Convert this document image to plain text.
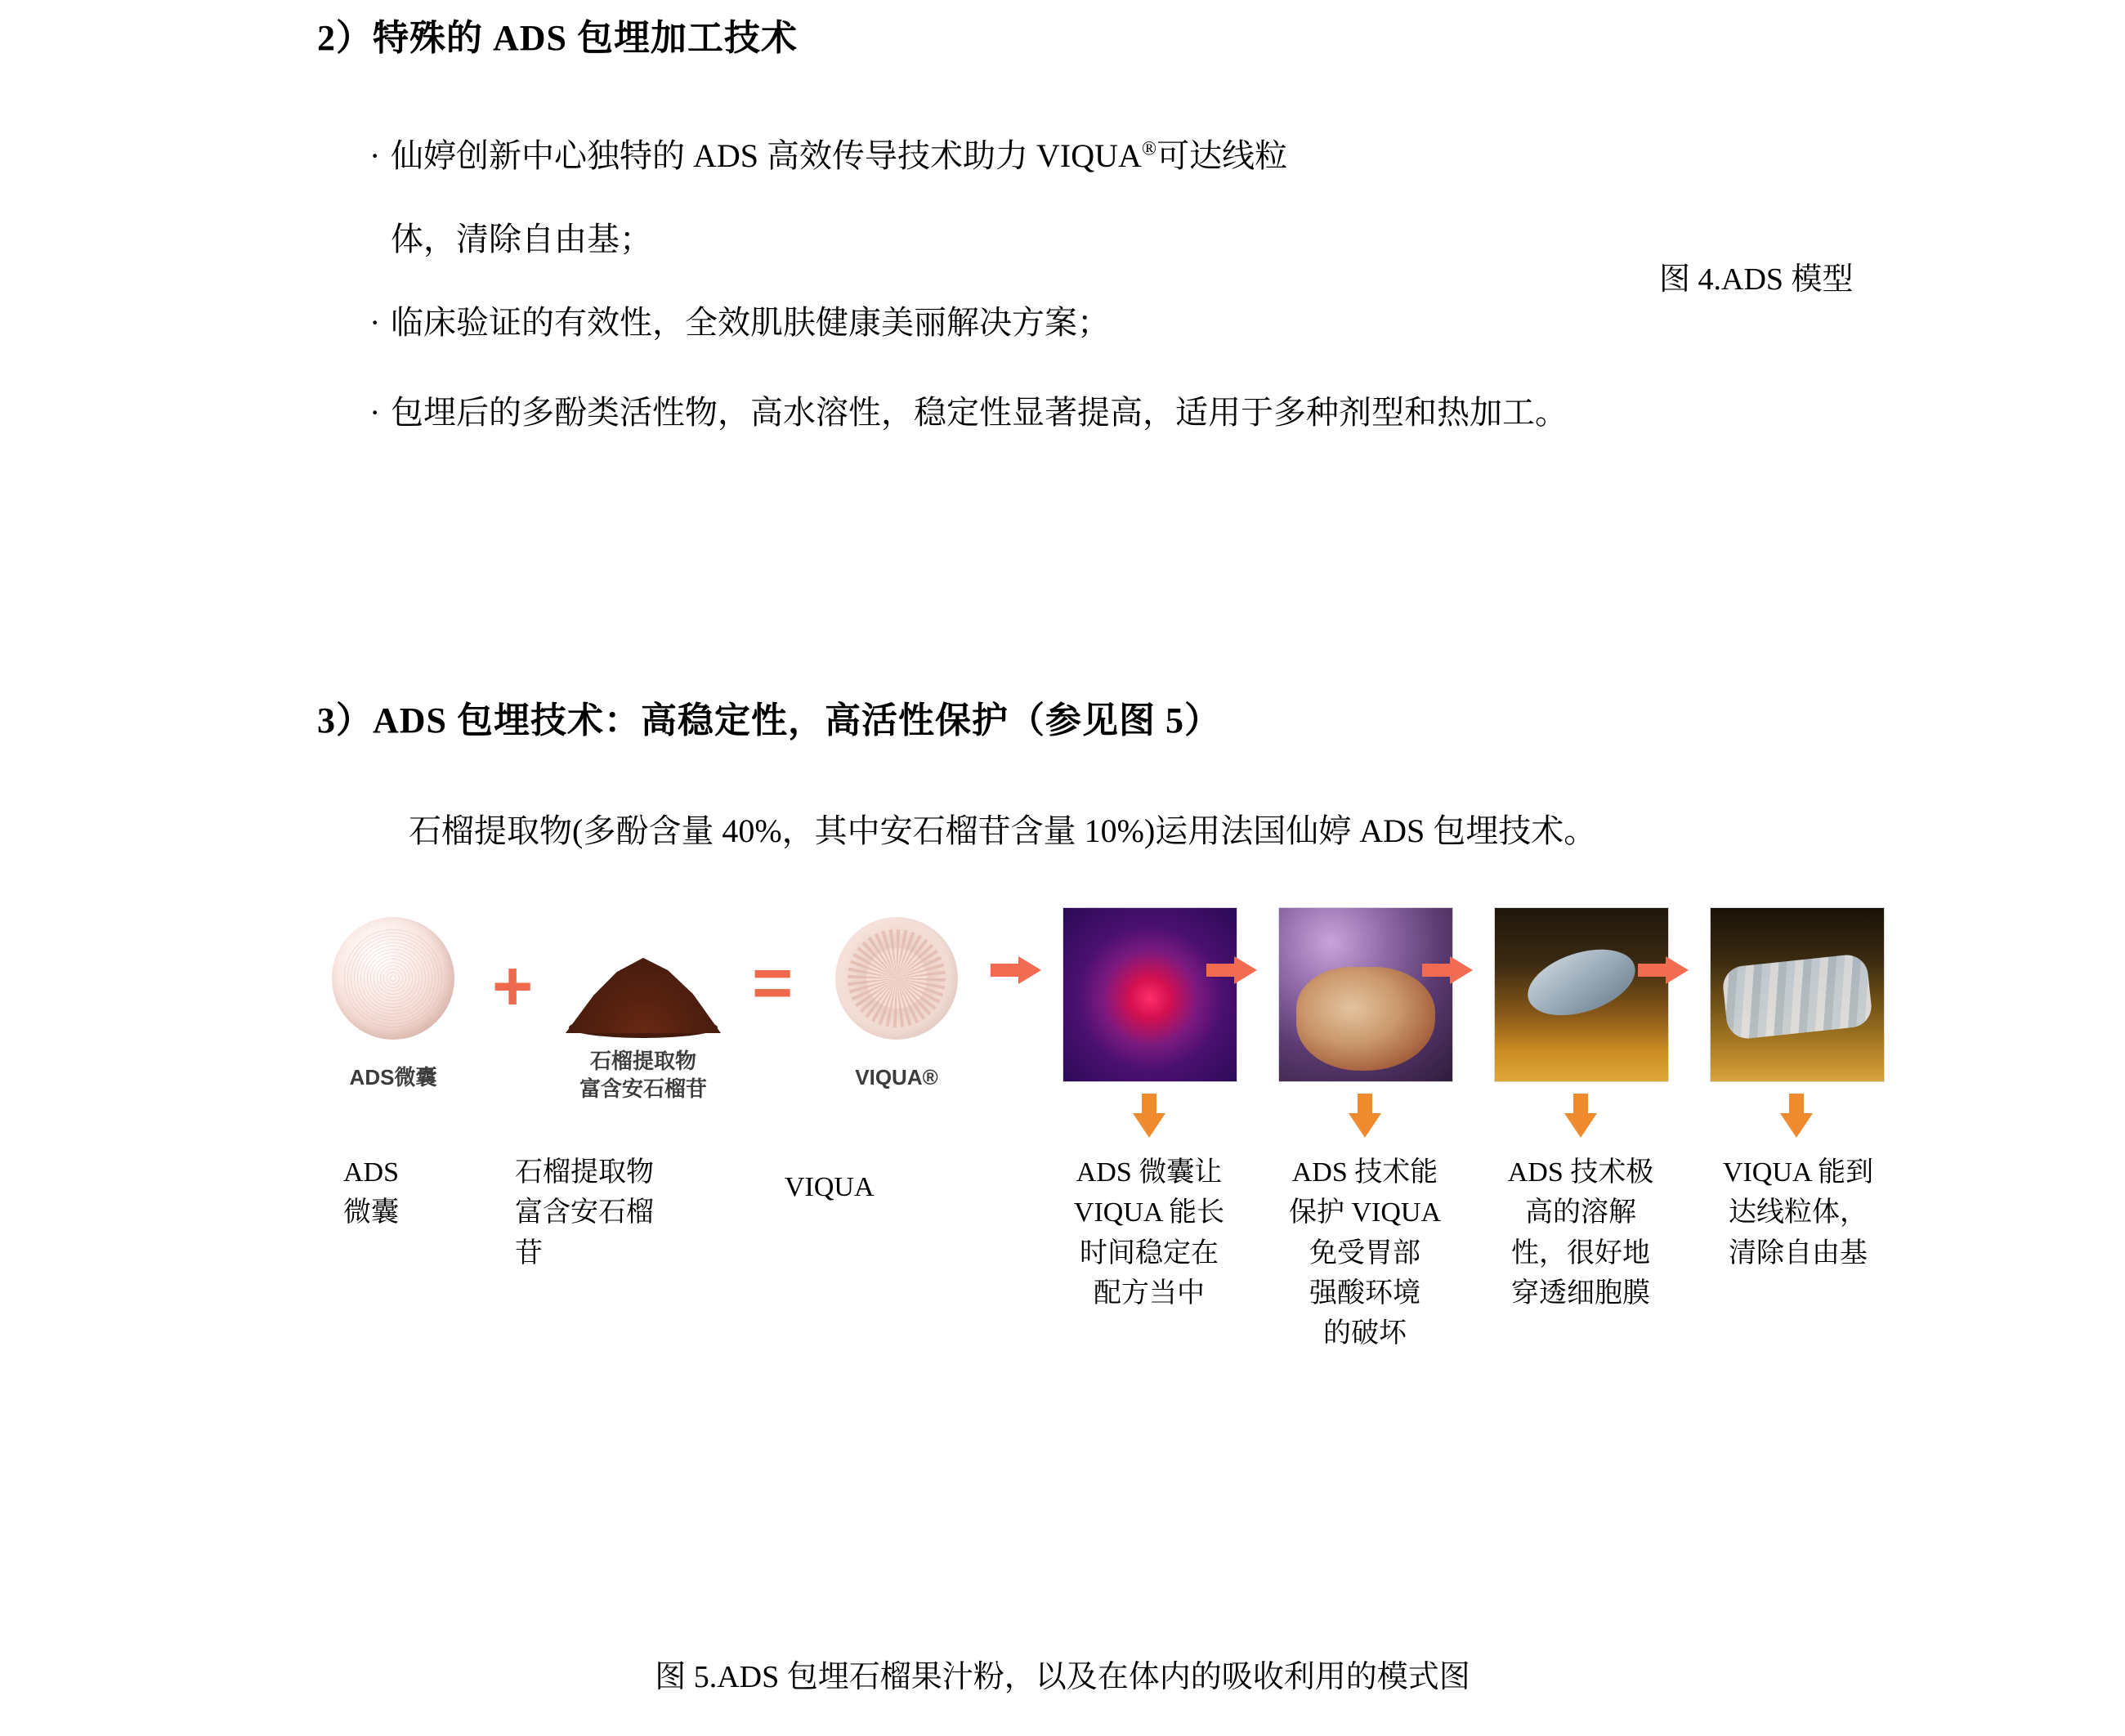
2）特殊的 ADS 包埋加工技术
· 仙婷创新中心独特的 ADS 高效传导技术助力 VIQUA®可达线粒
体，清除自由基；
· 临床验证的有效性，全效肌肤健康美丽解决方案；
· 包埋后的多酚类活性物，高水溶性，稳定性显著提高，适用于多种剂型和热加工。
图 4.ADS 模型
3）ADS 包埋技术：高稳定性，高活性保护（参见图 5）
石榴提取物(多酚含量 40%，其中安石榴苷含量 10%)运用法国仙婷 ADS 包埋技术。
ADS微囊
+
石榴提取物
富含安石榴苷
=
VIQUA®
ADS
微囊
石榴提取物
富含安石榴
苷
VIQUA	ADS 微囊让
VIQUA 能长
时间稳定在
配方当中
ADS 技术能
保护 VIQUA
免受胃部
强酸环境
的破坏
ADS 技术极
高的溶解
性，很好地
穿透细胞膜
VIQUA 能到
达线粒体，
清除自由基
图 5.ADS 包埋石榴果汁粉，以及在体内的吸收利用的模式图
